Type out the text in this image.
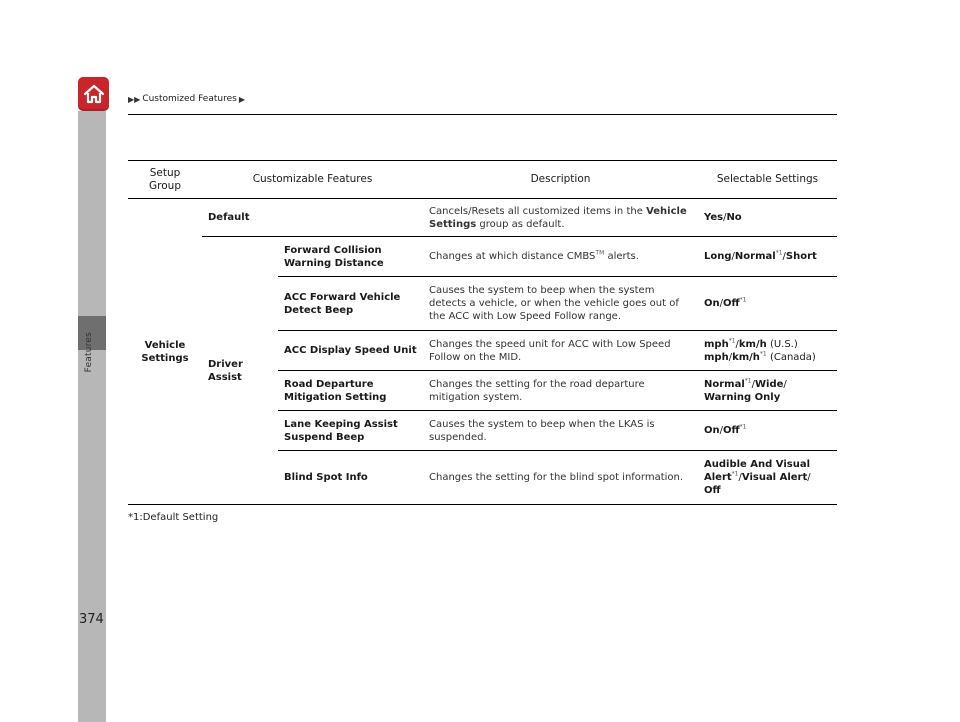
Features
▶▶ Customized Features ▶
Setup Group	Customizable Features		Description	Selectable Settings

Vehicle Settings	Default		Cancels/Resets all customized items in the Vehicle Settings group as default.	Yes/No
	Driver Assist	Forward Collision Warning Distance	Changes at which distance CMBS™ alerts.	Long/Normal$^{*1}$/Short
		ACC Forward Vehicle Detect Beep	Causes the system to beep when the system detects a vehicle, or when the vehicle goes out of the ACC with Low Speed Follow range.	On/Off$^{*1}$
		ACC Display Speed Unit	Changes the speed unit for ACC with Low Speed Follow on the MID.	mph$^{*1}$/km/h (U.S.)
mph/$km/h^{*1}$ (Canada)

		Road Departure Mitigation Setting	Changes the setting for the road departure mitigation system.	Normal$^{*1}$/Wide/
Warning Only

		Lane Keeping Assist Suspend Beep	Causes the system to beep when the LKAS is suspended.	On/Off$^{*1}$
		Blind Spot Info	Changes the setting for the blind spot information.	Audible And Visual Alert$^{*1}$/Visual Alert/
Off
*1:Default Setting
374
